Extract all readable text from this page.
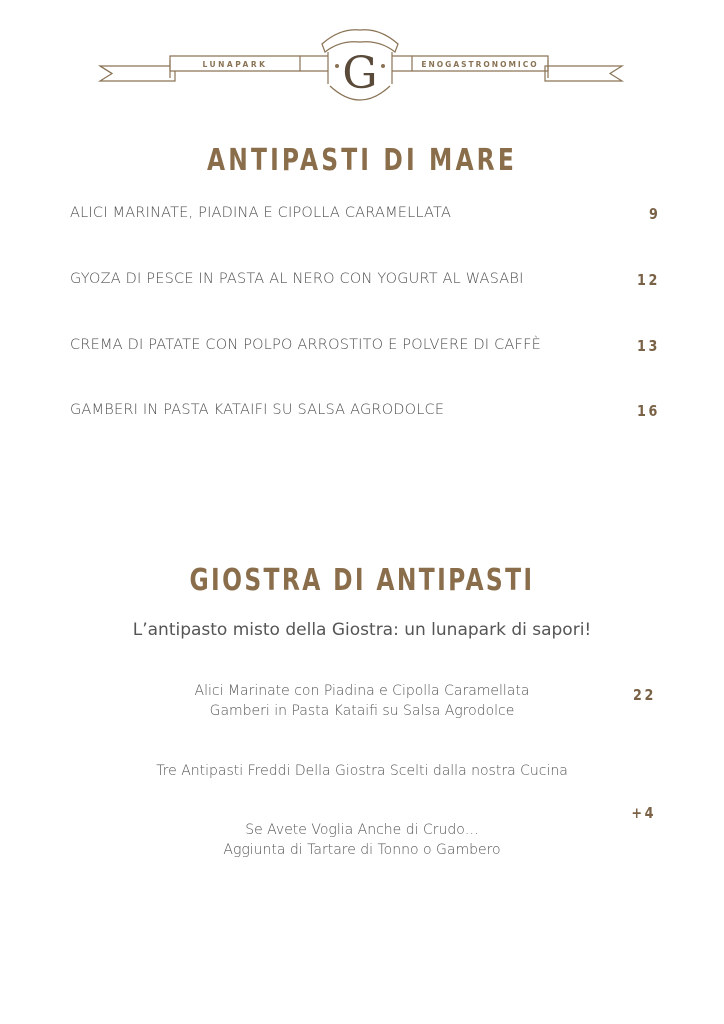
LUNAPARK	ENOGASTRONOMICO
G
ANTIPASTI DI MARE
ALICI MARINATE, PIADINA E CIPOLLA CARAMELLATA	9
GYOZA DI PESCE IN PASTA AL NERO CON YOGURT AL WASABI	12
CREMA DI PATATE CON POLPO ARROSTITO E POLVERE DI CAFFÈ	13
GAMBERI IN PASTA KATAIFI SU SALSA AGRODOLCE	16
GIOSTRA DI ANTIPASTI
L’antipasto misto della Giostra: un lunapark di sapori!
Alici Marinate con Piadina e Cipolla Caramellata
Gamberi in Pasta Kataifi su Salsa Agrodolce
22
Tre Antipasti Freddi Della Giostra Scelti dalla nostra Cucina
+4
Se Avete Voglia Anche di Crudo…
Aggiunta di Tartare di Tonno o Gambero
